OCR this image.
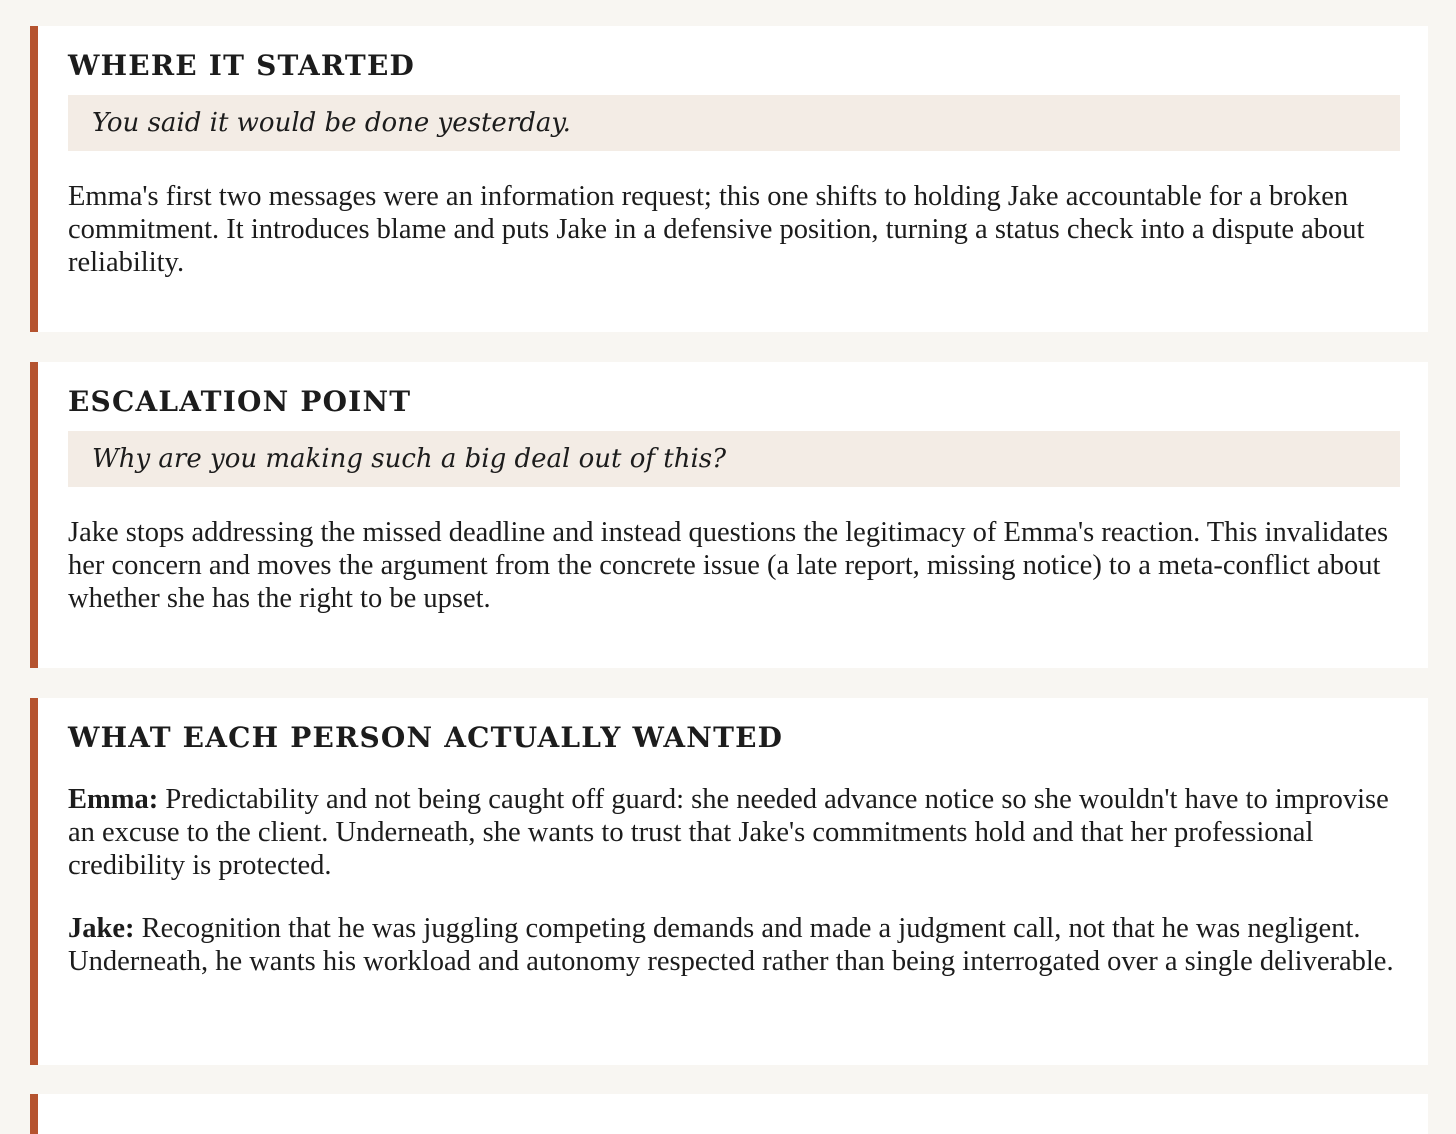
WHERE IT STARTED
You said it would be done yesterday.

Emma's first two messages were an information request; this one shifts to holding Jake accountable for a broken commitment. It introduces blame and puts Jake in a defensive position, turning a status check into a dispute about reliability.

ESCALATION POINT
Why are you making such a big deal out of this?

Jake stops addressing the missed deadline and instead questions the legitimacy of Emma's reaction. This invalidates her concern and moves the argument from the concrete issue (a late report, missing notice) to a meta-conflict about whether she has the right to be upset.

WHAT EACH PERSON ACTUALLY WANTED

Emma: Predictability and not being caught off guard: she needed advance notice so she wouldn't have to improvise an excuse to the client. Underneath, she wants to trust that Jake's commitments hold and that her professional credibility is protected.

Jake: Recognition that he was juggling competing demands and made a judgment call, not that he was negligent. Underneath, he wants his workload and autonomy respected rather than being interrogated over a single deliverable.
